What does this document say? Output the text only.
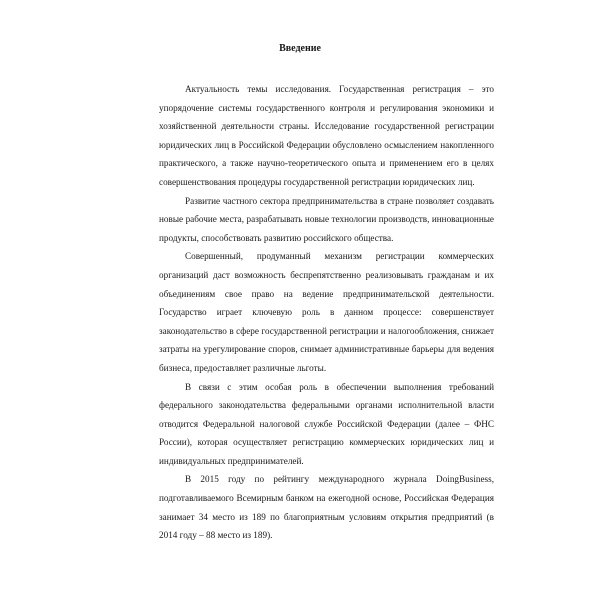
Введение

Актуальность темы исследования. Государственная регистрация – это упорядочение системы государственного контроля и регулирования экономики и хозяйственной деятельности страны. Исследование государственной регистрации юридических лиц в Российской Федерации обусловлено осмыслением накопленного практического, а также научно-теоретического опыта и применением его в целях совершенствования процедуры государственной регистрации юридических лиц.

Развитие частного сектора предпринимательства в стране позволяет создавать новые рабочие места, разрабатывать новые технологии производств, инновационные продукты, способствовать развитию российского общества.

Совершенный, продуманный механизм регистрации коммерческих организаций даст возможность беспрепятственно реализовывать гражданам и их объединениям свое право на ведение предпринимательской деятельности. Государство играет ключевую роль в данном процессе: совершенствует законодательство в сфере государственной регистрации и налогообложения, снижает затраты на урегулирование споров, снимает административные барьеры для ведения бизнеса, предоставляет различные льготы.

В связи с этим особая роль в обеспечении выполнения требований федерального законодательства федеральными органами исполнительной власти отводится Федеральной налоговой службе Российской Федерации (далее – ФНС России), которая осуществляет регистрацию коммерческих юридических лиц и индивидуальных предпринимателей.

В 2015 году по рейтингу международного журнала DoingBusiness, подготавливаемого Всемирным банком на ежегодной основе, Российская Федерация занимает 34 место из 189 по благоприятным условиям открытия предприятий (в 2014 году – 88 место из 189).
